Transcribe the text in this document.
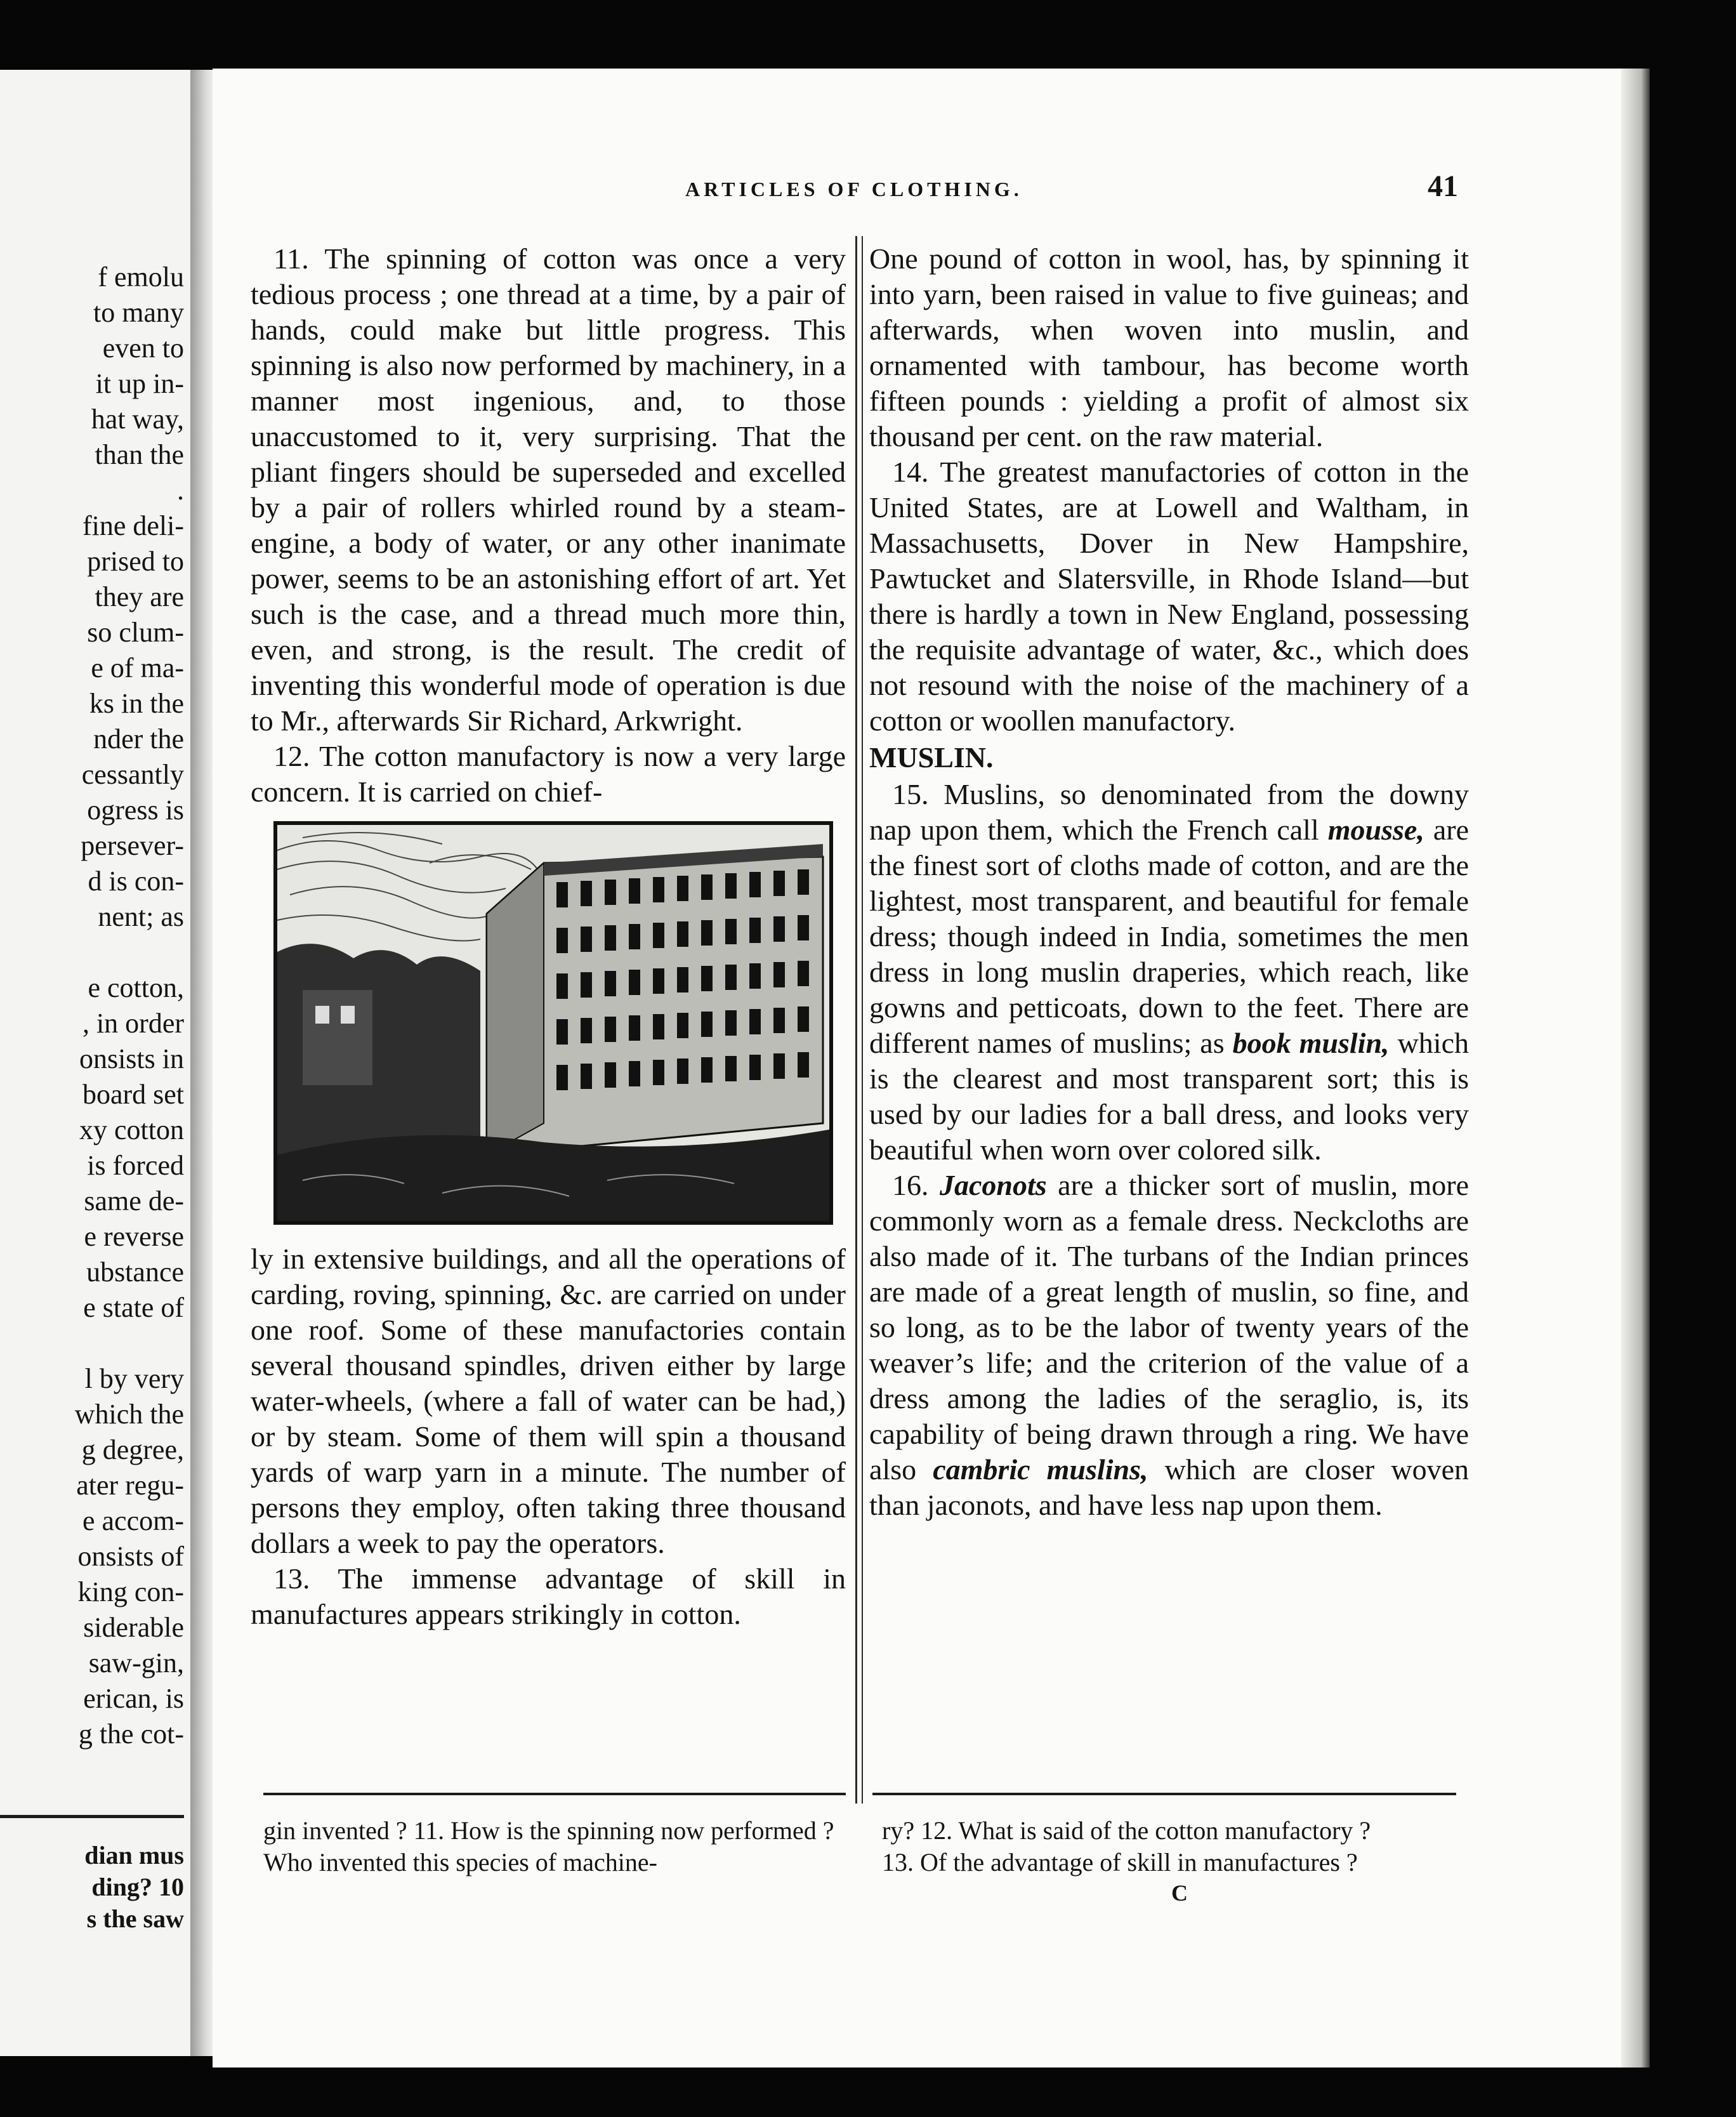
f emolu
to many
even to
it up in-
hat way,
than the
.
fine deli-
prised to
they are
so clum-
e of ma-
ks in the
nder the
cessantly
ogress is
persever-
d is con-
nent; as
e cotton,
, in order
onsists in
board set
xy cotton
is forced
same de-
e reverse
ubstance
e state of
l by very
which the
g degree,
ater regu-
e accom-
onsists of
king con-
siderable
saw-gin,
erican, is
g the cot-
dian mus
ding? 10
s the saw
ARTICLES OF CLOTHING.	41

11. The spinning of cotton was once a very tedious process ; one thread at a time, by a pair of hands, could make but little progress. This spinning is also now performed by machinery, in a manner most ingenious, and, to those unaccustomed to it, very surprising. That the pliant fingers should be superseded and excelled by a pair of rollers whirled round by a steam-engine, a body of water, or any other inanimate power, seems to be an astonishing effort of art. Yet such is the case, and a thread much more thin, even, and strong, is the result. The credit of inventing this wonderful mode of operation is due to Mr., afterwards Sir Richard, Arkwright.

12. The cotton manufactory is now a very large concern. It is carried on chief-

ly in extensive buildings, and all the operations of carding, roving, spinning, &c. are carried on under one roof. Some of these manufactories contain several thousand spindles, driven either by large water-wheels, (where a fall of water can be had,) or by steam. Some of them will spin a thousand yards of warp yarn in a minute. The number of persons they employ, often taking three thousand dollars a week to pay the operators.

13. The immense advantage of skill in manufactures appears strikingly in cotton.

One pound of cotton in wool, has, by spinning it into yarn, been raised in value to five guineas; and afterwards, when woven into muslin, and ornamented with tambour, has become worth fifteen pounds : yielding a profit of almost six thousand per cent. on the raw material.

14. The greatest manufactories of cotton in the United States, are at Lowell and Waltham, in Massachusetts, Dover in New Hampshire, Pawtucket and Slatersville, in Rhode Island—but there is hardly a town in New England, possessing the requisite advantage of water, &c., which does not resound with the noise of the machinery of a cotton or woollen manufactory.

MUSLIN.

15. Muslins, so denominated from the downy nap upon them, which the French call mousse, are the finest sort of cloths made of cotton, and are the lightest, most transparent, and beautiful for female dress; though indeed in India, sometimes the men dress in long muslin draperies, which reach, like gowns and petticoats, down to the feet. There are different names of muslins; as book muslin, which is the clearest and most transparent sort; this is used by our ladies for a ball dress, and looks very beautiful when worn over colored silk.

16. Jaconots are a thicker sort of muslin, more commonly worn as a female dress. Neckcloths are also made of it. The turbans of the Indian princes are made of a great length of muslin, so fine, and so long, as to be the labor of twenty years of the weaver’s life; and the criterion of the value of a dress among the ladies of the seraglio, is, its capability of being drawn through a ring. We have also cambric muslins, which are closer woven than jaconots, and have less nap upon them.

gin invented ? 11. How is the spinning now performed ? Who invented this species of machine-
ry? 12. What is said of the cotton manufactory ?
13. Of the advantage of skill in manufactures ?
C
